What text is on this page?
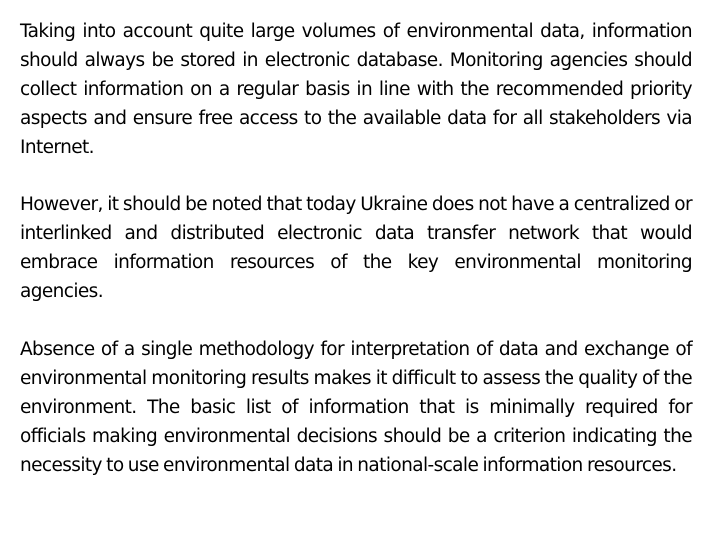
Taking into account quite large volumes of environmental data, information should always be stored in electronic database. Monitoring agencies should collect information on a regular basis in line with the recommended priority aspects and ensure free access to the available data for all stakeholders via Internet.

However, it should be noted that today Ukraine does not have a centralized or interlinked and distributed electronic data transfer network that would embrace information resources of the key environmental monitoring agencies.

Absence of a single methodology for interpretation of data and exchange of environmental monitoring results makes it difficult to assess the quality of the environment. The basic list of information that is minimally required for officials making environmental decisions should be a criterion indicating the necessity to use environmental data in national-scale information resources.
